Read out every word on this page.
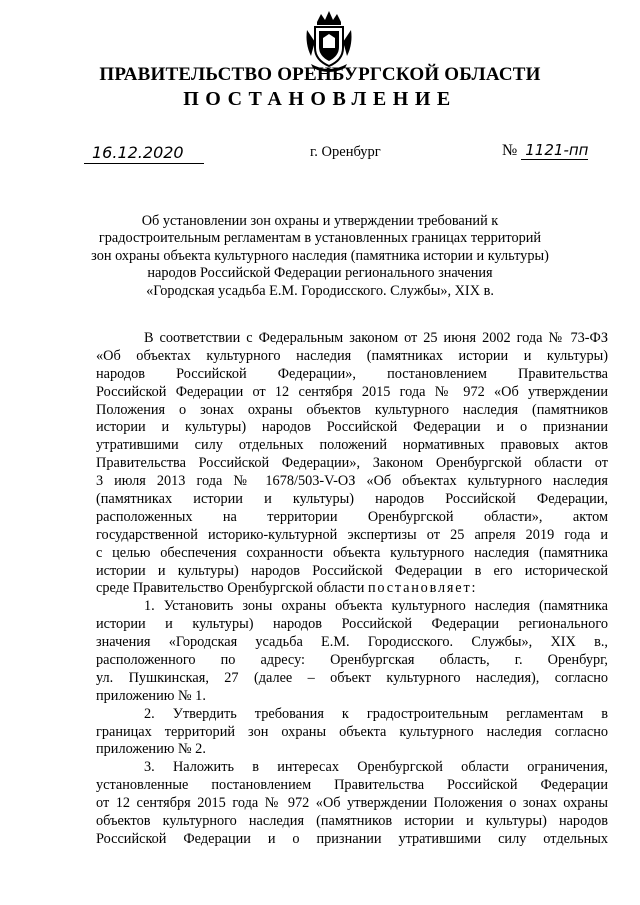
ПРАВИТЕЛЬСТВО ОРЕНБУРГСКОЙ ОБЛАСТИ
ПОСТАНОВЛЕНИЕ
16.12.2020	г. Оренбург	№ 1121-пп
Об установлении зон охраны и утверждении требований к
градостроительным регламентам в установленных границах территорий
зон охраны объекта культурного наследия (памятника истории и культуры)
народов Российской Федерации регионального значения
«Городская усадьба Е.М. Городисского. Службы», XIX в.
В соответствии с Федеральным законом от 25 июня 2002 года № 73-ФЗ
«Об объектах культурного наследия (памятниках истории и культуры)
народов Российской Федерации», постановлением Правительства
Российской Федерации от 12 сентября 2015 года № 972 «Об утверждении
Положения о зонах охраны объектов культурного наследия (памятников
истории и культуры) народов Российской Федерации и о признании
утратившими силу отдельных положений нормативных правовых актов
Правительства Российской Федерации», Законом Оренбургской области от
3 июля 2013 года № 1678/503-V-ОЗ «Об объектах культурного наследия
(памятниках истории и культуры) народов Российской Федерации,
расположенных на территории Оренбургской области», актом
государственной историко-культурной экспертизы от 25 апреля 2019 года и
с целью обеспечения сохранности объекта культурного наследия (памятника
истории и культуры) народов Российской Федерации в его исторической
среде Правительство Оренбургской области постановляет:
1. Установить зоны охраны объекта культурного наследия (памятника
истории и культуры) народов Российской Федерации регионального
значения «Городская усадьба Е.М. Городисского. Службы», XIX в.,
расположенного по адресу: Оренбургская область, г. Оренбург,
ул. Пушкинская, 27 (далее – объект культурного наследия), согласно
приложению № 1.
2. Утвердить требования к градостроительным регламентам в
границах территорий зон охраны объекта культурного наследия согласно
приложению № 2.
3. Наложить в интересах Оренбургской области ограничения,
установленные постановлением Правительства Российской Федерации
от 12 сентября 2015 года № 972 «Об утверждении Положения о зонах охраны
объектов культурного наследия (памятников истории и культуры) народов
Российской Федерации и о признании утратившими силу отдельных
